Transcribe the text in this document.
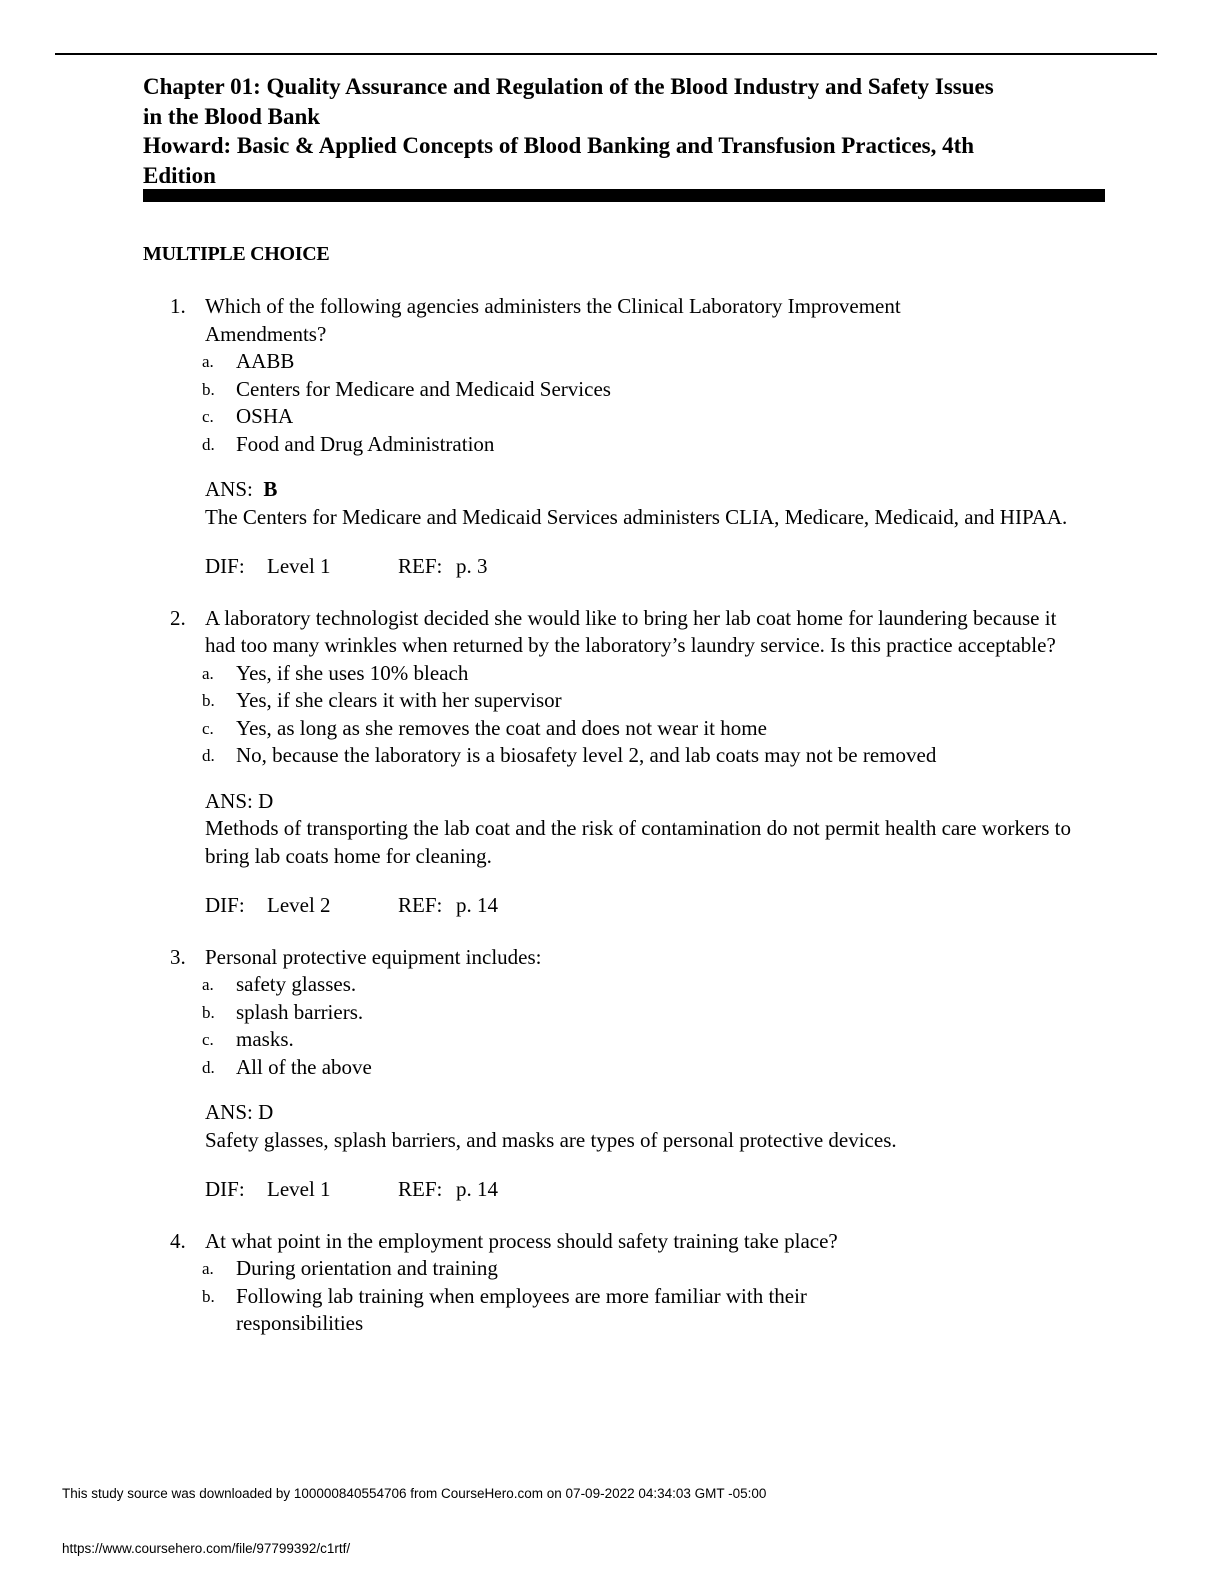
Chapter 01: Quality Assurance and Regulation of the Blood Industry and Safety Issues
in the Blood Bank
Howard: Basic & Applied Concepts of Blood Banking and Transfusion Practices, 4th
Edition
MULTIPLE CHOICE
1. Which of the following agencies administers the Clinical Laboratory Improvement Amendments?
a. AABB
b. Centers for Medicare and Medicaid Services
c. OSHA
d. Food and Drug Administration
ANS: B
The Centers for Medicare and Medicaid Services administers CLIA, Medicare, Medicaid, and HIPAA.
DIF: Level 1	REF: p. 3
2. A laboratory technologist decided she would like to bring her lab coat home for laundering because it had too many wrinkles when returned by the laboratory’s laundry service. Is this practice acceptable?
a. Yes, if she uses 10% bleach
b. Yes, if she clears it with her supervisor
c. Yes, as long as she removes the coat and does not wear it home
d. No, because the laboratory is a biosafety level 2, and lab coats may not be removed
ANS: D
Methods of transporting the lab coat and the risk of contamination do not permit health care workers to bring lab coats home for cleaning.
DIF: Level 2	REF: p. 14
3. Personal protective equipment includes:
a. safety glasses.
b. splash barriers.
c. masks.
d. All of the above
ANS: D
Safety glasses, splash barriers, and masks are types of personal protective devices.
DIF: Level 1	REF: p. 14
4. At what point in the employment process should safety training take place?
a. During orientation and training
b. Following lab training when employees are more familiar with their responsibilities
This study source was downloaded by 100000840554706 from CourseHero.com on 07-09-2022 04:34:03 GMT -05:00
https://www.coursehero.com/file/97799392/c1rtf/
